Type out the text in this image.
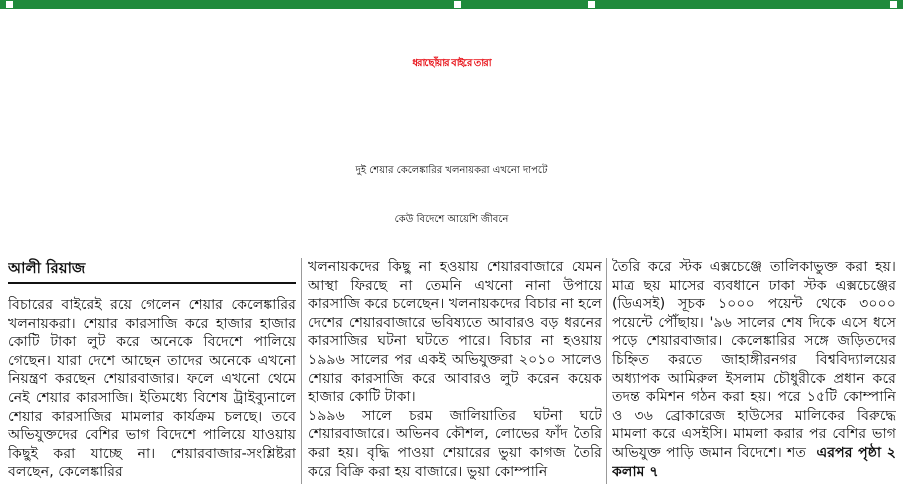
ধরাছোঁয়ার বাইরে তারা
দুই শেয়ার কেলেঙ্কারির খলনায়করা এখনো দাপটে
কেউ বিদেশে আয়েশি জীবনে
আলী রিয়াজ

বিচারের বাইরেই রয়ে গেলেন শেয়ার কেলেঙ্কারির খলনায়করা। শেয়ার কারসাজি করে হাজার হাজার কোটি টাকা লুট করে অনেকে বিদেশে পালিয়ে গেছেন। যারা দেশে আছেন তাদের অনেকে এখনো নিয়ন্ত্রণ করছেন শেয়ারবাজার। ফলে এখনো থেমে নেই শেয়ার কারসাজি। ইতিমধ্যে বিশেষ ট্রাইব্যুনালে শেয়ার কারসাজির মামলার কার্যক্রম চলছে। তবে অভিযুক্তদের বেশির ভাগ বিদেশে পালিয়ে যাওয়ায় কিছুই করা যাচ্ছে না। শেয়ারবাজার-সংশ্লিষ্টরা বলছেন, কেলেঙ্কারির

খলনায়কদের কিছু না হওয়ায় শেয়ারবাজারে যেমন আস্থা ফিরছে না তেমনি এখনো নানা উপায়ে কারসাজি করে চলেছেন। খলনায়কদের বিচার না হলে দেশের শেয়ারবাজারে ভবিষ্যতে আবারও বড় ধরনের কারসাজির ঘটনা ঘটতে পারে। বিচার না হওয়ায় ১৯৯৬ সালের পর একই অভিযুক্তরা ২০১০ সালেও শেয়ার কারসাজি করে আবারও লুট করেন কয়েক হাজার কোটি টাকা।

১৯৯৬ সালে চরম জালিয়াতির ঘটনা ঘটে শেয়ারবাজারে। অভিনব কৌশল, লোভের ফাঁদ তৈরি করা হয়। বৃদ্ধি পাওয়া শেয়ারের ভুয়া কাগজ তৈরি করে বিক্রি করা হয় বাজারে। ভুয়া কোম্পানি

তৈরি করে স্টক এক্সচেঞ্জে তালিকাভুক্ত করা হয়। মাত্র ছয় মাসের ব্যবধানে ঢাকা স্টক এক্সচেঞ্জের (ডিএসই) সূচক ১০০০ পয়েন্ট থেকে ৩০০০ পয়েন্টে পৌঁছায়। '৯৬ সালের শেষ দিকে এসে ধসে পড়ে শেয়ারবাজার। কেলেঙ্কারির সঙ্গে জড়িতদের চিহ্নিত করতে জাহাঙ্গীরনগর বিশ্ববিদ্যালয়ের অধ্যাপক আমিরুল ইসলাম চৌধুরীকে প্রধান করে তদন্ত কমিশন গঠন করা হয়। পরে ১৫টি কোম্পানি ও ৩৬ ব্রোকারেজ হাউসের মালিকের বিরুদ্ধে মামলা করে এসইসি। মামলা করার পর বেশির ভাগ অভিযুক্ত পাড়ি জমান বিদেশে। শত এরপর পৃষ্ঠা ২ কলাম ৭
